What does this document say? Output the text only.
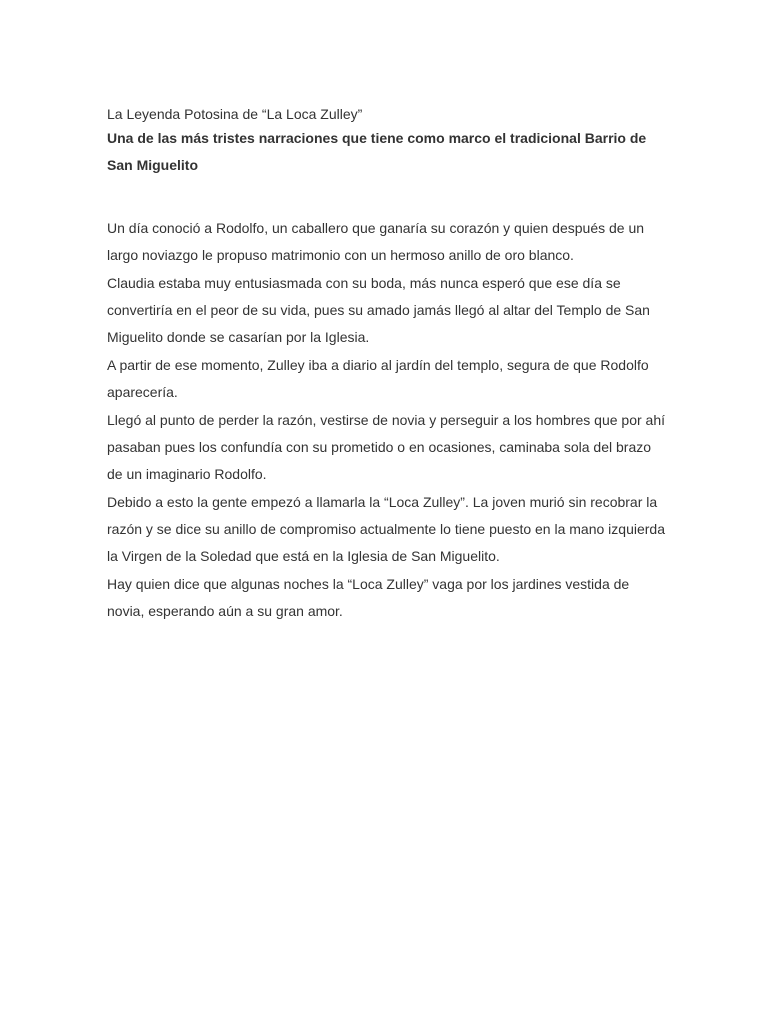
La Leyenda Potosina de “La Loca Zulley”
Una de las más tristes narraciones que tiene como marco el tradicional Barrio de San Miguelito

Un día conoció a Rodolfo, un caballero que ganaría su corazón y quien después de un largo noviazgo le propuso matrimonio con un hermoso anillo de oro blanco.

Claudia estaba muy entusiasmada con su boda, más nunca esperó que ese día se convertiría en el peor de su vida, pues su amado jamás llegó al altar del Templo de San Miguelito donde se casarían por la Iglesia.

A partir de ese momento, Zulley iba a diario al jardín del templo, segura de que Rodolfo aparecería.

Llegó al punto de perder la razón, vestirse de novia y perseguir a los hombres que por ahí pasaban pues los confundía con su prometido o en ocasiones, caminaba sola del brazo de un imaginario Rodolfo.

Debido a esto la gente empezó a llamarla la “Loca Zulley”. La joven murió sin recobrar la razón y se dice su anillo de compromiso actualmente lo tiene puesto en la mano izquierda la Virgen de la Soledad que está en la Iglesia de San Miguelito.

Hay quien dice que algunas noches la “Loca Zulley” vaga por los jardines vestida de novia, esperando aún a su gran amor.
